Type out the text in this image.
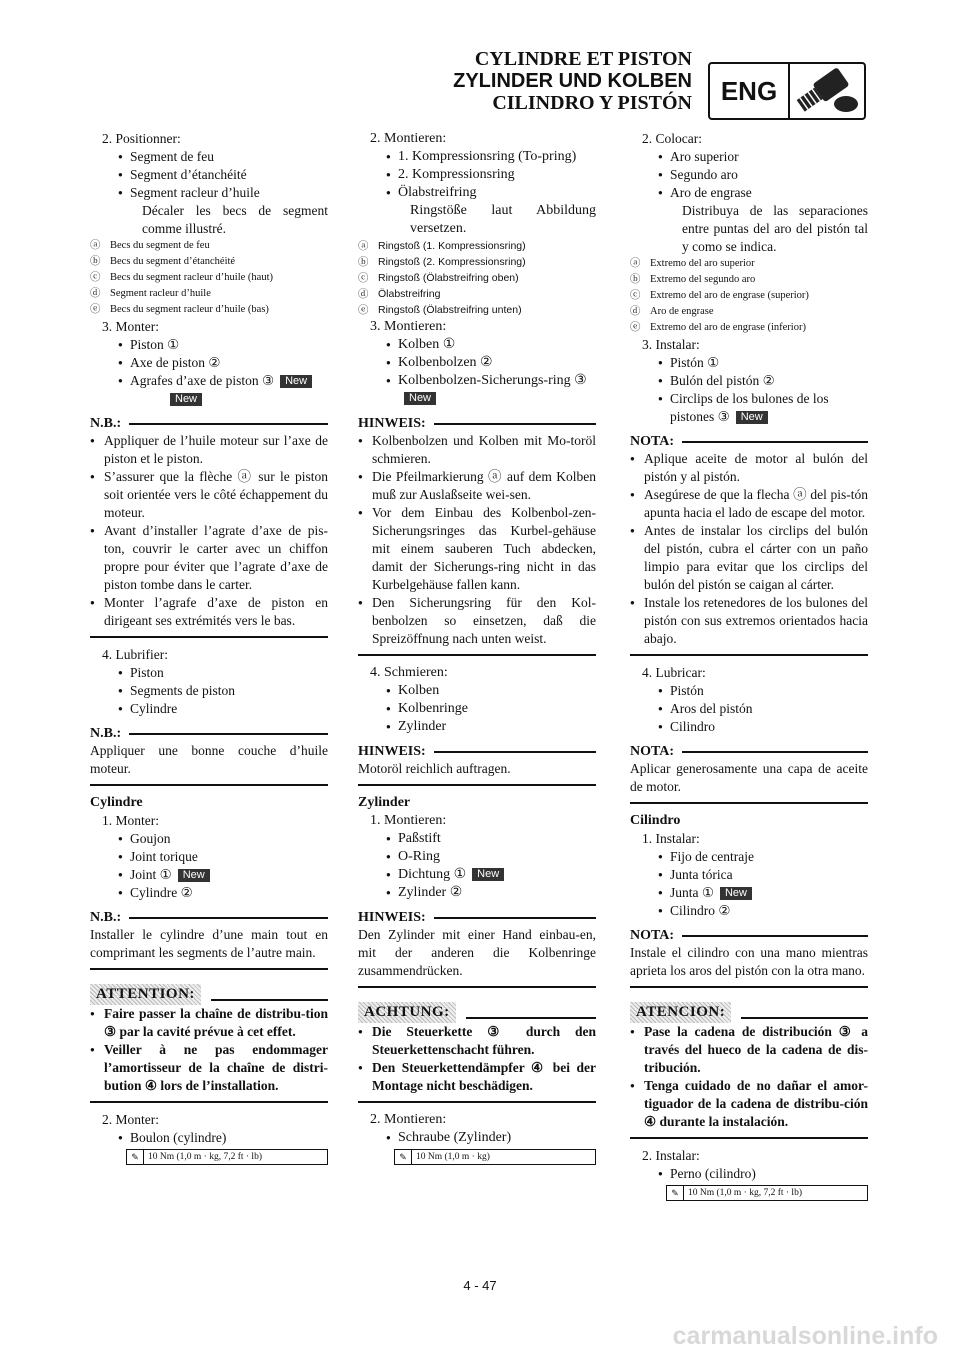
CYLINDRE ET PISTON
ZYLINDER UND KOLBEN
CILINDRO Y PISTÓN	ENG
2. Positionner:
● Segment de feu
● Segment d’étanchéité
● Segment racleur d’huile
Décaler les becs de segment comme illustré.
ⓐ Becs du segment de feu
ⓑ Becs du segment d’étanchéité
ⓒ Becs du segment racleur d’huile (haut)
ⓓ Segment racleur d’huile
ⓔ Becs du segment racleur d’huile (bas)
3. Monter:
● Piston ①
● Axe de piston ②
● Agrafes d’axe de piston ③ New
New
N.B.:
● Appliquer de l’huile moteur sur l’axe de piston et le piston.
● S’assurer que la flèche ⓐ sur le piston soit orientée vers le côté échappement du moteur.
● Avant d’installer l’agrate d’axe de pis-ton, couvrir le carter avec un chiffon propre pour éviter que l’agrate d’axe de piston tombe dans le carter.
● Monter l’agrafe d’axe de piston en dirigeant ses extrémités vers le bas.
4. Lubrifier:
● Piston
● Segments de piston
● Cylindre
N.B.:
Appliquer une bonne couche d’huile moteur.
Cylindre
1. Monter:
● Goujon
● Joint torique
● Joint ① New
● Cylindre ②
N.B.:
Installer le cylindre d’une main tout en comprimant les segments de l’autre main.
ATTENTION:
● Faire passer la chaîne de distribu-tion ③ par la cavité prévue à cet effet.
● Veiller à ne pas endommager l’amortisseur de la chaîne de distri-bution ④ lors de l’installation.
2. Monter:
● Boulon (cylindre)
✎ 10 Nm (1,0 m · kg, 7,2 ft · lb)
2. Montieren:
● 1. Kompressionsring (To-pring)
● 2. Kompressionsring
● Ölabstreifring
Ringstöße laut Abbildung versetzen.
ⓐ Ringstoß (1. Kompressionsring)
ⓑ Ringstoß (2. Kompressionsring)
ⓒ Ringstoß (Ölabstreifring oben)
ⓓ Ölabstreifring
ⓔ Ringstoß (Ölabstreifring unten)
3. Montieren:
● Kolben ①
● Kolbenbolzen ②
● Kolbenbolzen-Sicherungs-ring ③New
HINWEIS:
● Kolbenbolzen und Kolben mit Mo-toröl schmieren.
● Die Pfeilmarkierung ⓐ auf dem Kolben muß zur Auslaßseite wei-sen.
● Vor dem Einbau des Kolbenbol-zen-Sicherungsringes das Kurbel-gehäuse mit einem sauberen Tuch abdecken, damit der Sicherungs-ring nicht in das Kurbelgehäuse fallen kann.
● Den Sicherungsring für den Kol-benbolzen so einsetzen, daß die Spreizöffnung nach unten weist.
4. Schmieren:
● Kolben
● Kolbenringe
● Zylinder
HINWEIS:
Motoröl reichlich auftragen.
Zylinder
1. Montieren:
● Paßstift
● O-Ring
● Dichtung ① New
● Zylinder ②
HINWEIS:
Den Zylinder mit einer Hand einbau-en, mit der anderen die Kolbenringe zusammendrücken.
ACHTUNG:
● Die Steuerkette ③ durch den Steuerkettenschacht führen.
● Den Steuerkettendämpfer ④ bei der Montage nicht beschädigen.
2. Montieren:
● Schraube (Zylinder)
✎ 10 Nm (1,0 m · kg)
2. Colocar:
● Aro superior
● Segundo aro
● Aro de engrase
Distribuya de las separaciones entre puntas del aro del pistón tal y como se indica.
ⓐ Extremo del aro superior
ⓑ Extremo del segundo aro
ⓒ Extremo del aro de engrase (superior)
ⓓ Aro de engrase
ⓔ Extremo del aro de engrase (inferior)
3. Instalar:
● Pistón ①
● Bulón del pistón ②
● Circlips de los bulones de los pistones ③ New
NOTA:
● Aplique aceite de motor al bulón del pistón y al pistón.
● Asegúrese de que la flecha ⓐ del pis-tón apunta hacia el lado de escape del motor.
● Antes de instalar los circlips del bulón del pistón, cubra el cárter con un paño limpio para evitar que los circlips del bulón del pistón se caigan al cárter.
● Instale los retenedores de los bulones del pistón con sus extremos orientados hacia abajo.
4. Lubricar:
● Pistón
● Aros del pistón
● Cilindro
NOTA:
Aplicar generosamente una capa de aceite de motor.
Cilindro
1. Instalar:
● Fijo de centraje
● Junta tórica
● Junta ① New
● Cilindro ②
NOTA:
Instale el cilindro con una mano mientras aprieta los aros del pistón con la otra mano.
ATENCION:
● Pase la cadena de distribución ③ a través del hueco de la cadena de dis-tribución.
● Tenga cuidado de no dañar el amor-tiguador de la cadena de distribu-ción ④ durante la instalación.
2. Instalar:
● Perno (cilindro)
✎ 10 Nm (1,0 m · kg, 7,2 ft · lb)
4 - 47
carmanualsonline.info
